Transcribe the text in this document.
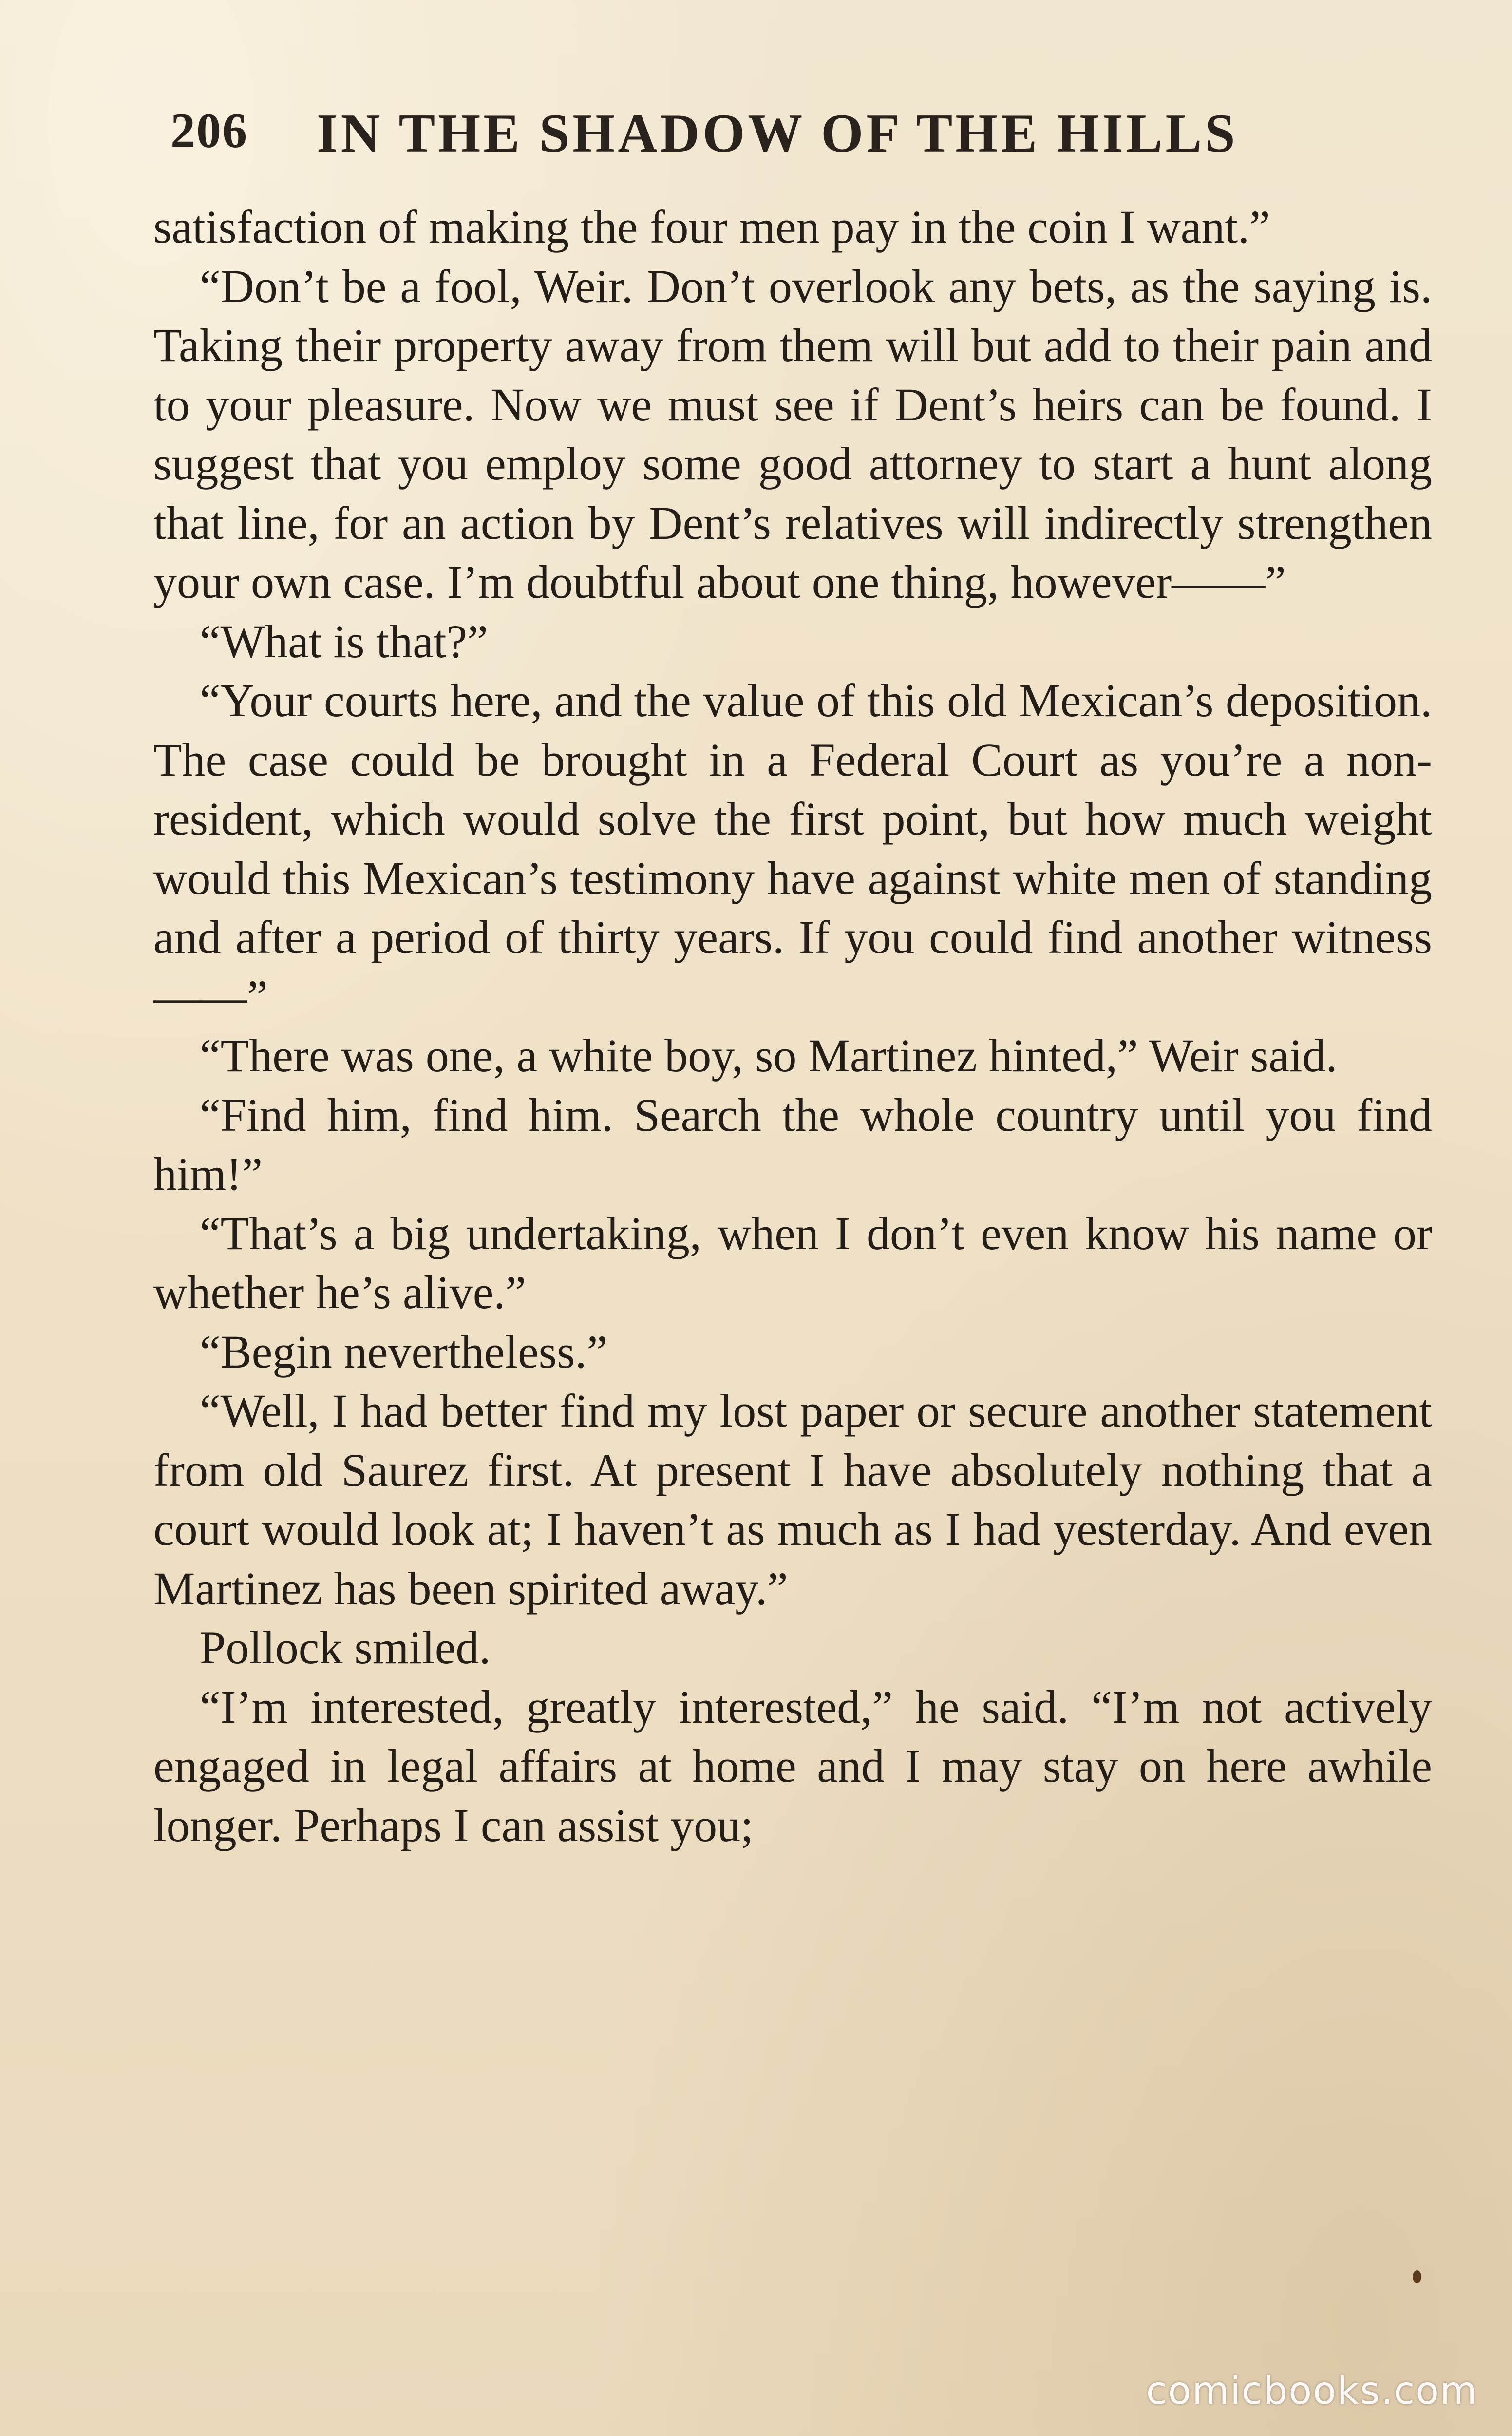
206 IN THE SHADOW OF THE HILLS

satisfaction of making the four men pay in the coin I want.”

“Don’t be a fool, Weir. Don’t overlook any bets, as the saying is. Taking their property away from them will but add to their pain and to your pleasure. Now we must see if Dent’s heirs can be found. I suggest that you employ some good attorney to start a hunt along that line, for an action by Dent’s relatives will indirectly strengthen your own case. I’m doubtful about one thing, however——”

“What is that?”

“Your courts here, and the value of this old Mexican’s deposition. The case could be brought in a Federal Court as you’re a non-resident, which would solve the first point, but how much weight would this Mexican’s testimony have against white men of standing and after a period of thirty years. If you could find another witness——”

“There was one, a white boy, so Martinez hinted,” Weir said.

“Find him, find him. Search the whole country until you find him!”

“That’s a big undertaking, when I don’t even know his name or whether he’s alive.”

“Begin nevertheless.”

“Well, I had better find my lost paper or secure another statement from old Saurez first. At present I have absolutely nothing that a court would look at; I haven’t as much as I had yesterday. And even Martinez has been spirited away.”

Pollock smiled.

“I’m interested, greatly interested,” he said. “I’m not actively engaged in legal affairs at home and I may stay on here awhile longer. Perhaps I can assist you;

comicbooks.com
